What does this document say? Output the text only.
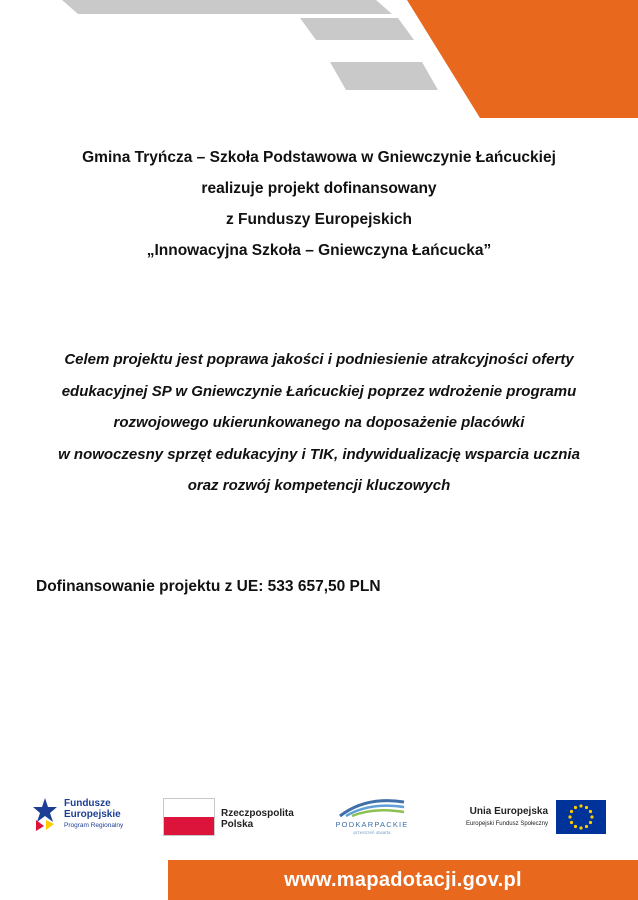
Gmina Tryńcza – Szkoła Podstawowa w Gniewczynie Łańcuckiej
realizuje projekt dofinansowany
z Funduszy Europejskich
„Innowacyjna Szkoła – Gniewczyna Łańcucka”
Celem projektu jest poprawa jakości i podniesienie atrakcyjności oferty
edukacyjnej SP w Gniewczynie Łańcuckiej poprzez wdrożenie programu
rozwojowego ukierunkowanego na doposażenie placówki
w nowoczesny sprzęt edukacyjny i TIK, indywidualizację wsparcia ucznia
oraz rozwój kompetencji kluczowych
Dofinansowanie projektu z UE: 533 657,50 PLN
Fundusze
Europejskie
Program Regionalny
Rzeczpospolita
Polska	PODKARPACKIE
przestrzeń otwarta
Unia Europejska
Europejski Fundusz Społeczny
www.mapadotacji.gov.pl
